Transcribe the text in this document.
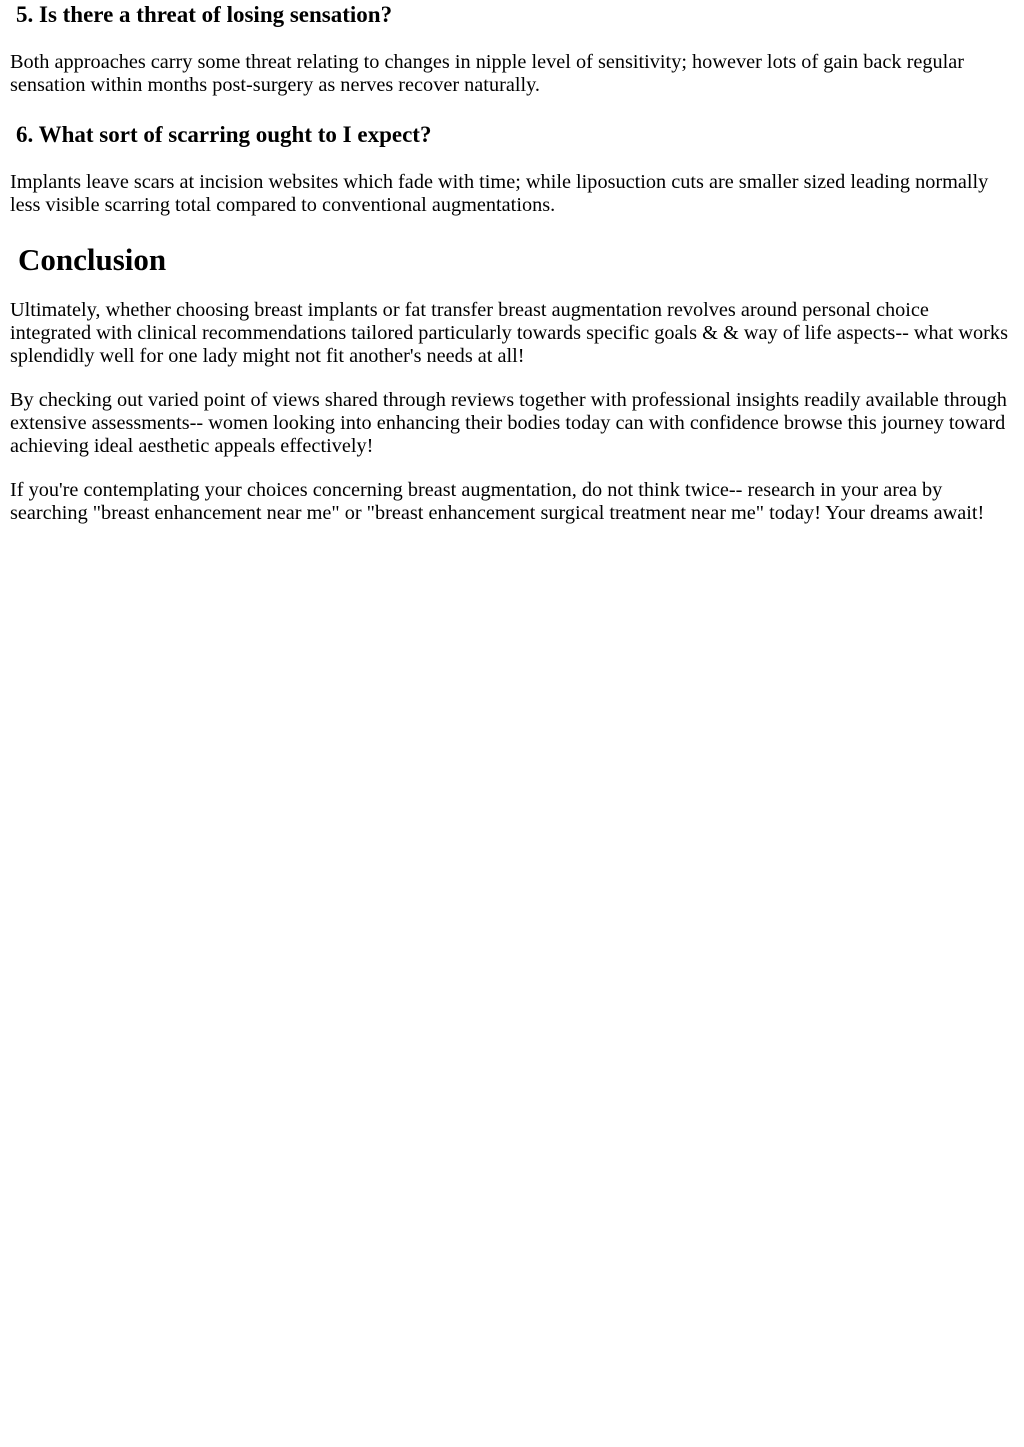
5. Is there a threat of losing sensation?

Both approaches carry some threat relating to changes in nipple level of sensitivity; however lots of gain back regular sensation within months post-surgery as nerves recover naturally.

6. What sort of scarring ought to I expect?

Implants leave scars at incision websites which fade with time; while liposuction cuts are smaller sized leading normally less visible scarring total compared to conventional augmentations.

Conclusion

Ultimately, whether choosing breast implants or fat transfer breast augmentation revolves around personal choice integrated with clinical recommendations tailored particularly towards specific goals & & way of life aspects-- what works splendidly well for one lady might not fit another's needs at all!

By checking out varied point of views shared through reviews together with professional insights readily available through extensive assessments-- women looking into enhancing their bodies today can with confidence browse this journey toward achieving ideal aesthetic appeals effectively!

If you're contemplating your choices concerning breast augmentation, do not think twice-- research in your area by searching "breast enhancement near me" or "breast enhancement surgical treatment near me" today! Your dreams await!
